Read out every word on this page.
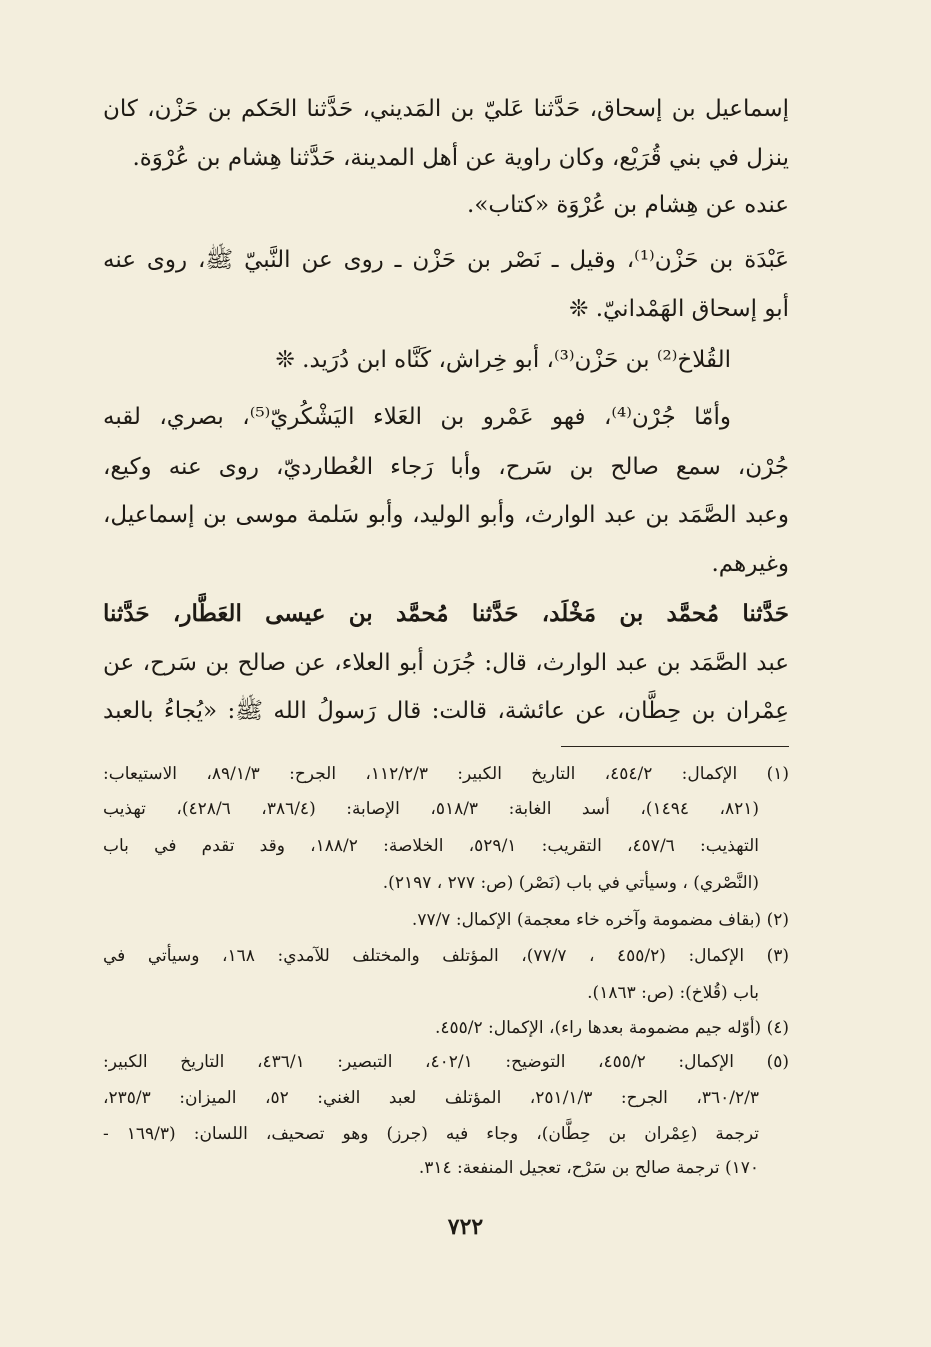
إسماعيل بن إسحاق، حَدَّثنا عَليّ بن المَديني، حَدَّثنا الحَكم بن حَزْن، كان
ينزل في بني قُرَيْع، وكان راوية عن أهل المدينة، حَدَّثنا هِشام بن عُرْوَة.
عنده عن هِشام بن عُرْوَة «كتاب».
عَبْدَة بن حَزْن⁽¹⁾، وقيل ـ نَصْر بن حَزْن ـ روى عن النَّبيّ ﷺ، روى عنه
أبو إسحاق الهَمْدانيّ. ❊
القُلاخ⁽²⁾ بن حَزْن⁽³⁾، أبو خِراش، كَنَّاه ابن دُرَيد. ❊
وأمّا جُرْن⁽⁴⁾، فهو عَمْرو بن العَلاء اليَشْكُريّ⁽⁵⁾، بصري، لقبه
جُرْن، سمع صالح بن سَرح، وأبا رَجاء العُطارديّ، روى عنه وكيع،
وعبد الصَّمَد بن عبد الوارث، وأبو الوليد، وأبو سَلمة موسى بن إسماعيل،
وغيرهم.
حَدَّثنا مُحمَّد بن مَخْلَد، حَدَّثنا مُحمَّد بن عيسى العَطَّار، حَدَّثنا
عبد الصَّمَد بن عبد الوارث، قال: جُرَن أبو العلاء، عن صالح بن سَرح، عن
عِمْران بن حِطَّان، عن عائشة، قالت: قال رَسولُ الله ﷺ: «يُجاءُ بالعبد
(١) الإكمال: ٤٥٤/٢، التاريخ الكبير: ١١٢/٢/٣، الجرح: ٨٩/١/٣، الاستيعاب:
(٨٢١، ١٤٩٤)، أسد الغابة: ٥١٨/٣، الإصابة: (٣٨٦/٤، ٤٢٨/٦)، تهذيب
التهذيب: ٤٥٧/٦، التقريب: ٥٢٩/١، الخلاصة: ١٨٨/٢، وقد تقدم في باب
(النَّصْري) ، وسيأتي في باب (نَصْر) (ص: ٢٧٧ ، ٢١٩٧).
(٢) (بقاف مضمومة وآخره خاء معجمة) الإكمال: ٧٧/٧.
(٣) الإكمال: (٤٥٥/٢ ، ٧٧/٧)، المؤتلف والمختلف للآمدي: ١٦٨، وسيأتي في
باب (قُلاخ): (ص: ١٨٦٣).
(٤) (أوّله جيم مضمومة بعدها راء)، الإكمال: ٤٥٥/٢.
(٥) الإكمال: ٤٥٥/٢، التوضيح: ٤٠٢/١، التبصير: ٤٣٦/١، التاريخ الكبير:
٣٦٠/٢/٣، الجرح: ٢٥١/١/٣، المؤتلف لعبد الغني: ٥٢، الميزان: ٢٣٥/٣،
ترجمة (عِمْران بن حِطَّان)، وجاء فيه (جرز) وهو تصحيف، اللسان: (١٦٩/٣ -
١٧٠) ترجمة صالح بن سَرْح، تعجيل المنفعة: ٣١٤.
٧٢٢
